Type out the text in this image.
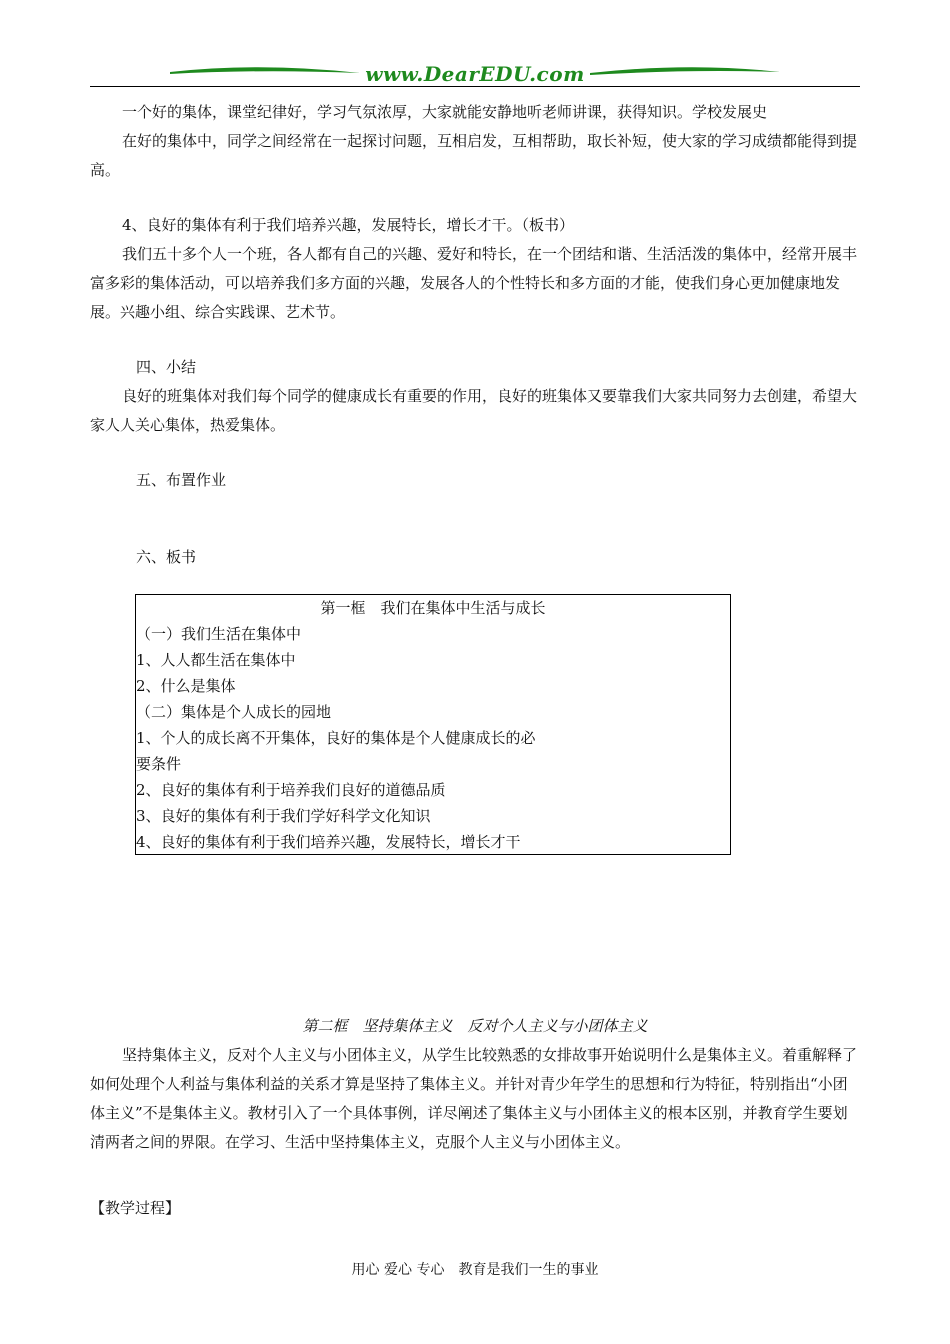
www.DearEDU.com

一个好的集体，课堂纪律好，学习气氛浓厚，大家就能安静地听老师讲课，获得知识。学校发展史

在好的集体中，同学之间经常在一起探讨问题，互相启发，互相帮助，取长补短，使大家的学习成绩都能得到提高。

4、良好的集体有利于我们培养兴趣，发展特长，增长才干。（板书）

我们五十多个人一个班，各人都有自己的兴趣、爱好和特长，在一个团结和谐、生活活泼的集体中，经常开展丰富多彩的集体活动，可以培养我们多方面的兴趣，发展各人的个性特长和多方面的才能，使我们身心更加健康地发展。兴趣小组、综合实践课、艺术节。

四、小结

良好的班集体对我们每个同学的健康成长有重要的作用，良好的班集体又要靠我们大家共同努力去创建，希望大家人人关心集体，热爱集体。

五、布置作业

六、板书

第一框　我们在集体中生活与成长
（一）我们生活在集体中
1、人人都生活在集体中
2、什么是集体
（二）集体是个人成长的园地
1、个人的成长离不开集体，良好的集体是个人健康成长的必
要条件
2、良好的集体有利于培养我们良好的道德品质
3、良好的集体有利于我们学好科学文化知识
4、良好的集体有利于我们培养兴趣，发展特长，增长才干

第二框　坚持集体主义　反对个人主义与小团体主义

坚持集体主义，反对个人主义与小团体主义，从学生比较熟悉的女排故事开始说明什么是集体主义。着重解释了如何处理个人利益与集体利益的关系才算是坚持了集体主义。并针对青少年学生的思想和行为特征，特别指出“小团体主义”不是集体主义。教材引入了一个具体事例，详尽阐述了集体主义与小团体主义的根本区别，并教育学生要划清两者之间的界限。在学习、生活中坚持集体主义，克服个人主义与小团体主义。

【教学过程】
用心 爱心 专心　教育是我们一生的事业
